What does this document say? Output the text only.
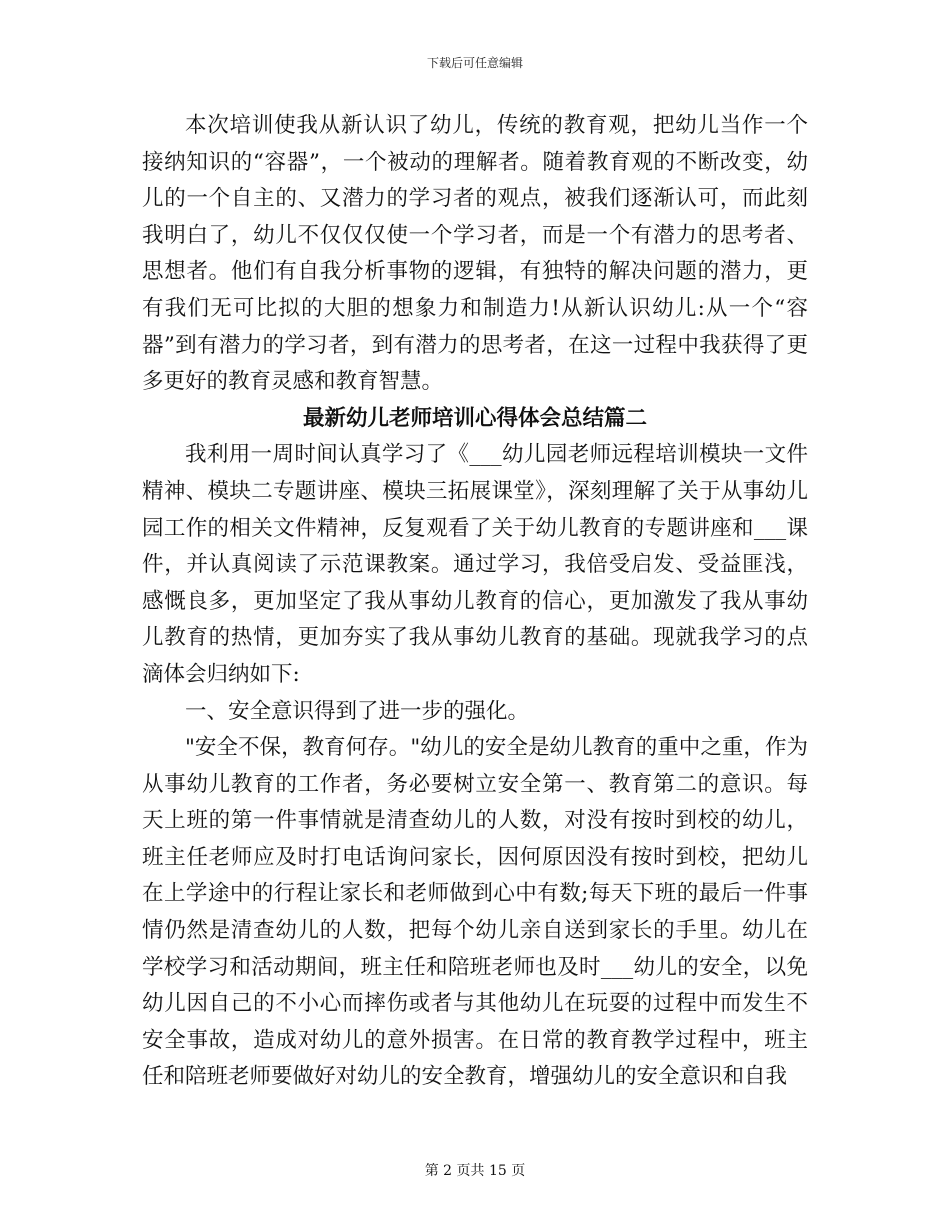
下载后可任意编辑

本次培训使我从新认识了幼儿，传统的教育观，把幼儿当作一个接纳知识的“容器”，一个被动的理解者。随着教育观的不断改变，幼儿的一个自主的、又潜力的学习者的观点，被我们逐渐认可，而此刻我明白了，幼儿不仅仅仅使一个学习者，而是一个有潜力的思考者、思想者。他们有自我分析事物的逻辑，有独特的解决问题的潜力，更有我们无可比拟的大胆的想象力和制造力!从新认识幼儿:从一个“容器”到有潜力的学习者，到有潜力的思考者，在这一过程中我获得了更多更好的教育灵感和教育智慧。

最新幼儿老师培训心得体会总结篇二

我利用一周时间认真学习了《___幼儿园老师远程培训模块一文件精神、模块二专题讲座、模块三拓展课堂》，深刻理解了关于从事幼儿园工作的相关文件精神，反复观看了关于幼儿教育的专题讲座和___课件，并认真阅读了示范课教案。通过学习，我倍受启发、受益匪浅，感慨良多，更加坚定了我从事幼儿教育的信心，更加激发了我从事幼儿教育的热情，更加夯实了我从事幼儿教育的基础。现就我学习的点滴体会归纳如下:

一、安全意识得到了进一步的强化。

"安全不保，教育何存。"幼儿的安全是幼儿教育的重中之重，作为从事幼儿教育的工作者，务必要树立安全第一、教育第二的意识。每天上班的第一件事情就是清查幼儿的人数，对没有按时到校的幼儿，班主任老师应及时打电话询问家长，因何原因没有按时到校，把幼儿在上学途中的行程让家长和老师做到心中有数;每天下班的最后一件事情仍然是清查幼儿的人数，把每个幼儿亲自送到家长的手里。幼儿在学校学习和活动期间，班主任和陪班老师也及时___幼儿的安全，以免幼儿因自己的不小心而摔伤或者与其他幼儿在玩耍的过程中而发生不安全事故，造成对幼儿的意外损害。在日常的教育教学过程中，班主任和陪班老师要做好对幼儿的安全教育，增强幼儿的安全意识和自我

第 2 页共 15 页
